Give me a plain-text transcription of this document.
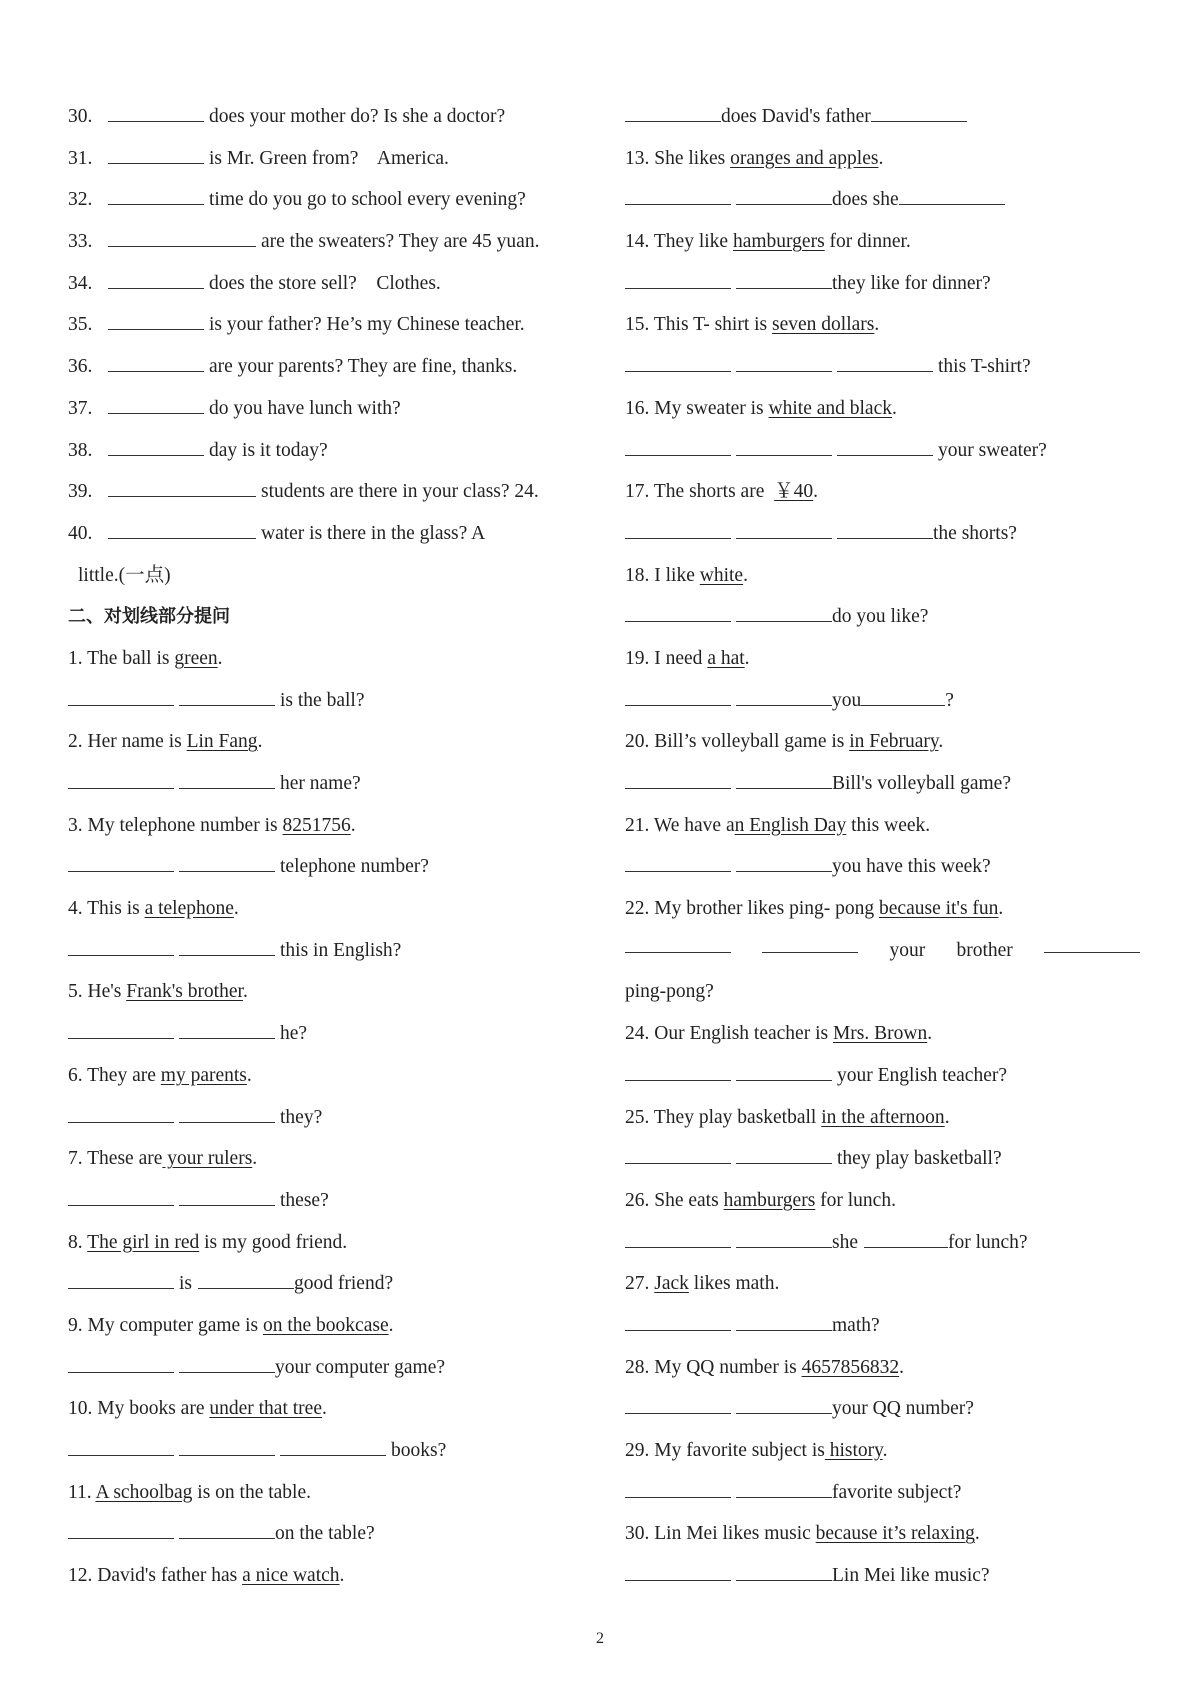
30.	does your mother do? Is she a doctor?
31.	is Mr. Green from?    America.
32.	time do you go to school every evening?
33.	are the sweaters? They are 45 yuan.
34.	does the store sell?    Clothes.
35.	is your father? He’s my Chinese teacher.
36.	are your parents? They are fine, thanks.
37.	do you have lunch with?
38.	day is it today?
39.	students are there in your class? 24.
40.	water is there in the glass? A
little.(一点)
二、对划线部分提问
1. The ball is green.
is the ball?
2. Her name is Lin Fang.
her name?
3. My telephone number is 8251756.
telephone number?
4. This is a telephone.
this in English?
5. He's Frank's brother.
he?
6. They are my parents.
they?
7. These are your rulers.
these?
8. The girl in red is my good friend.
is	good friend?
9. My computer game is on the bookcase.
your computer game?
10. My books are under that tree.
books?
11. A schoolbag is on the table.
on the table?
12. David's father has a nice watch.
does David's father
13. She likes oranges and apples.
does she
14. They like hamburgers for dinner.
they like for dinner?
15. This T- shirt is seven dollars.
this T-shirt?
16. My sweater is white and black.
your sweater?
17. The shorts are  ￥40.
the shorts?
18. I like white.
do you like?
19. I need a hat.
you	?
20. Bill’s volleyball game is in February.
Bill's volleyball game?
21. We have an English Day this week.
you have this week?
22. My brother likes ping- pong because it's fun.
your brother
ping-pong?
24. Our English teacher is Mrs. Brown.
your English teacher?
25. They play basketball in the afternoon.
they play basketball?
26. She eats hamburgers for lunch.
she	for lunch?
27. Jack likes math.
math?
28. My QQ number is 4657856832.
your QQ number?
29. My favorite subject is history.
favorite subject?
30. Lin Mei likes music because it’s relaxing.
Lin Mei like music?
2
